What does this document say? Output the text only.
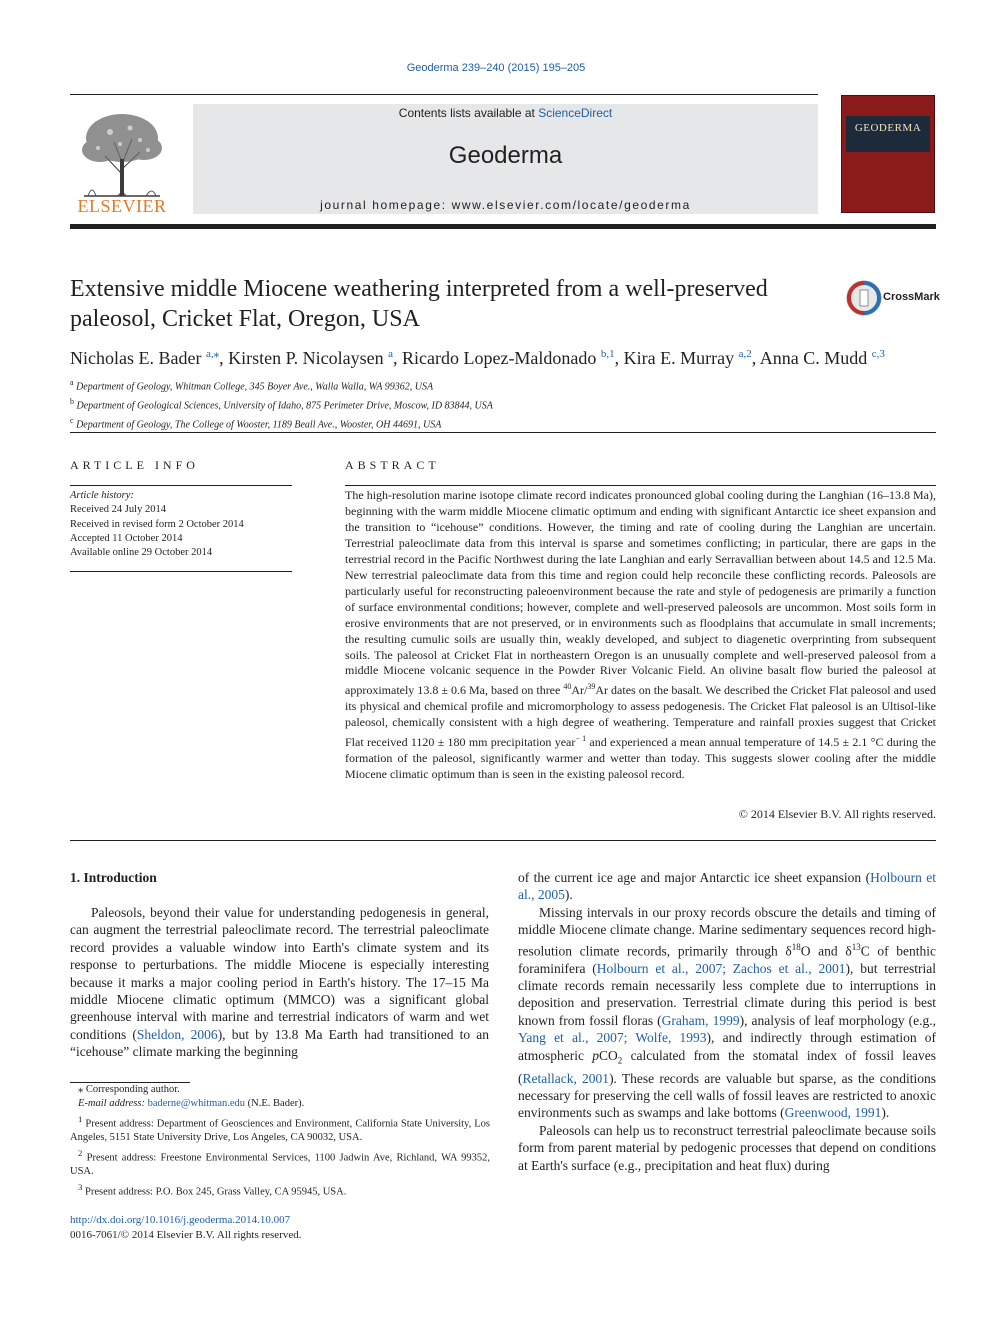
Geoderma 239–240 (2015) 195–205
ELSEVIER
Contents lists available at ScienceDirect
Geoderma
journal homepage: www.elsevier.com/locate/geoderma
GEODERMA
Extensive middle Miocene weathering interpreted from a well-preserved
paleosol, Cricket Flat, Oregon, USA
CrossMark
Nicholas E. Bader $^{a,⁎}$, Kirsten P. Nicolaysen $^a$, Ricardo Lopez-Maldonado $^{b,1}$, Kira E. Murray $^{a,2}$, Anna C. Mudd $^{c,3}$
$^a$ Department of Geology, Whitman College, 345 Boyer Ave., Walla Walla, WA 99362, USA
$^b$ Department of Geological Sciences, University of Idaho, 875 Perimeter Drive, Moscow, ID 83844, USA
$^c$ Department of Geology, The College of Wooster, 1189 Beall Ave., Wooster, OH 44691, USA
ARTICLE INFO
Article history:
Received 24 July 2014
Received in revised form 2 October 2014
Accepted 11 October 2014
Available online 29 October 2014
ABSTRACT
The high-resolution marine isotope climate record indicates pronounced global cooling during the Langhian (16–13.8 Ma), beginning with the warm middle Miocene climatic optimum and ending with significant Antarctic ice sheet expansion and the transition to “icehouse” conditions. However, the timing and rate of cooling during the Langhian are uncertain. Terrestrial paleoclimate data from this interval is sparse and sometimes conflicting; in particular, there are gaps in the terrestrial record in the Pacific Northwest during the late Langhian and early Serravallian between about 14.5 and 12.5 Ma. New terrestrial paleoclimate data from this time and region could help reconcile these conflicting records. Paleosols are particularly useful for reconstructing paleoenvironment because the rate and style of pedogenesis are primarily a function of surface environmental conditions; however, complete and well-preserved paleosols are uncommon. Most soils form in erosive environments that are not preserved, or in environments such as floodplains that accumulate in small increments; the resulting cumulic soils are usually thin, weakly developed, and subject to diagenetic overprinting from subsequent soils. The paleosol at Cricket Flat in northeastern Oregon is an unusually complete and well-preserved paleosol from a middle Miocene volcanic sequence in the Powder River Volcanic Field. An olivine basalt flow buried the paleosol at approximately 13.8 ± 0.6 Ma, based on three $^{40}$Ar/$^{39}$Ar dates on the basalt. We described the Cricket Flat paleosol and used its physical and chemical profile and micromorphology to assess pedogenesis. The Cricket Flat paleosol is an Ultisol-like paleosol, chemically consistent with a high degree of weathering. Temperature and rainfall proxies suggest that Cricket Flat received 1120 ± 180 mm precipitation year$^{- 1}$ and experienced a mean annual temperature of 14.5 ± 2.1 °C during the formation of the paleosol, significantly warmer and wetter than today. This suggests slower cooling after the middle Miocene climatic optimum than is seen in the existing paleosol record.
© 2014 Elsevier B.V. All rights reserved.
1. Introduction

Paleosols, beyond their value for understanding pedogenesis in general, can augment the terrestrial paleoclimate record. The terrestrial paleoclimate record provides a valuable window into Earth's climate system and its response to perturbations. The middle Miocene is especially interesting because it marks a major cooling period in Earth's history. The 17–15 Ma middle Miocene climatic optimum (MMCO) was a significant global greenhouse interval with marine and terrestrial indicators of warm and wet conditions (Sheldon, 2006), but by 13.8 Ma Earth had transitioned to an “icehouse” climate marking the beginning

of the current ice age and major Antarctic ice sheet expansion (Holbourn et al., 2005).

Missing intervals in our proxy records obscure the details and timing of middle Miocene climate change. Marine sedimentary sequences record high-resolution climate records, primarily through $\delta^{18}O$ and $\delta^{13}C$ of benthic foraminifera (Holbourn et al., 2007; Zachos et al., 2001), but terrestrial climate records remain necessarily less complete due to interruptions in deposition and preservation. Terrestrial climate during this period is best known from fossil floras (Graham, 1999), analysis of leaf morphology (e.g., Yang et al., 2007; Wolfe, 1993), and indirectly through estimation of atmospheric pCO$_2$ calculated from the stomatal index of fossil leaves (Retallack, 2001). These records are valuable but sparse, as the conditions necessary for preserving the cell walls of fossil leaves are restricted to anoxic environments such as swamps and lake bottoms (Greenwood, 1991).

Paleosols can help us to reconstruct terrestrial paleoclimate because soils form from parent material by pedogenic processes that depend on conditions at Earth's surface (e.g., precipitation and heat flux) during

⁎ Corresponding author.

E-mail address: baderne@whitman.edu (N.E. Bader).

$^1$ Present address: Department of Geosciences and Environment, California State University, Los Angeles, 5151 State University Drive, Los Angeles, CA 90032, USA.

$^2$ Present address: Freestone Environmental Services, 1100 Jadwin Ave, Richland, WA 99352, USA.

$^3$ Present address: P.O. Box 245, Grass Valley, CA 95945, USA.

http://dx.doi.org/10.1016/j.geoderma.2014.10.007
0016-7061/© 2014 Elsevier B.V. All rights reserved.
